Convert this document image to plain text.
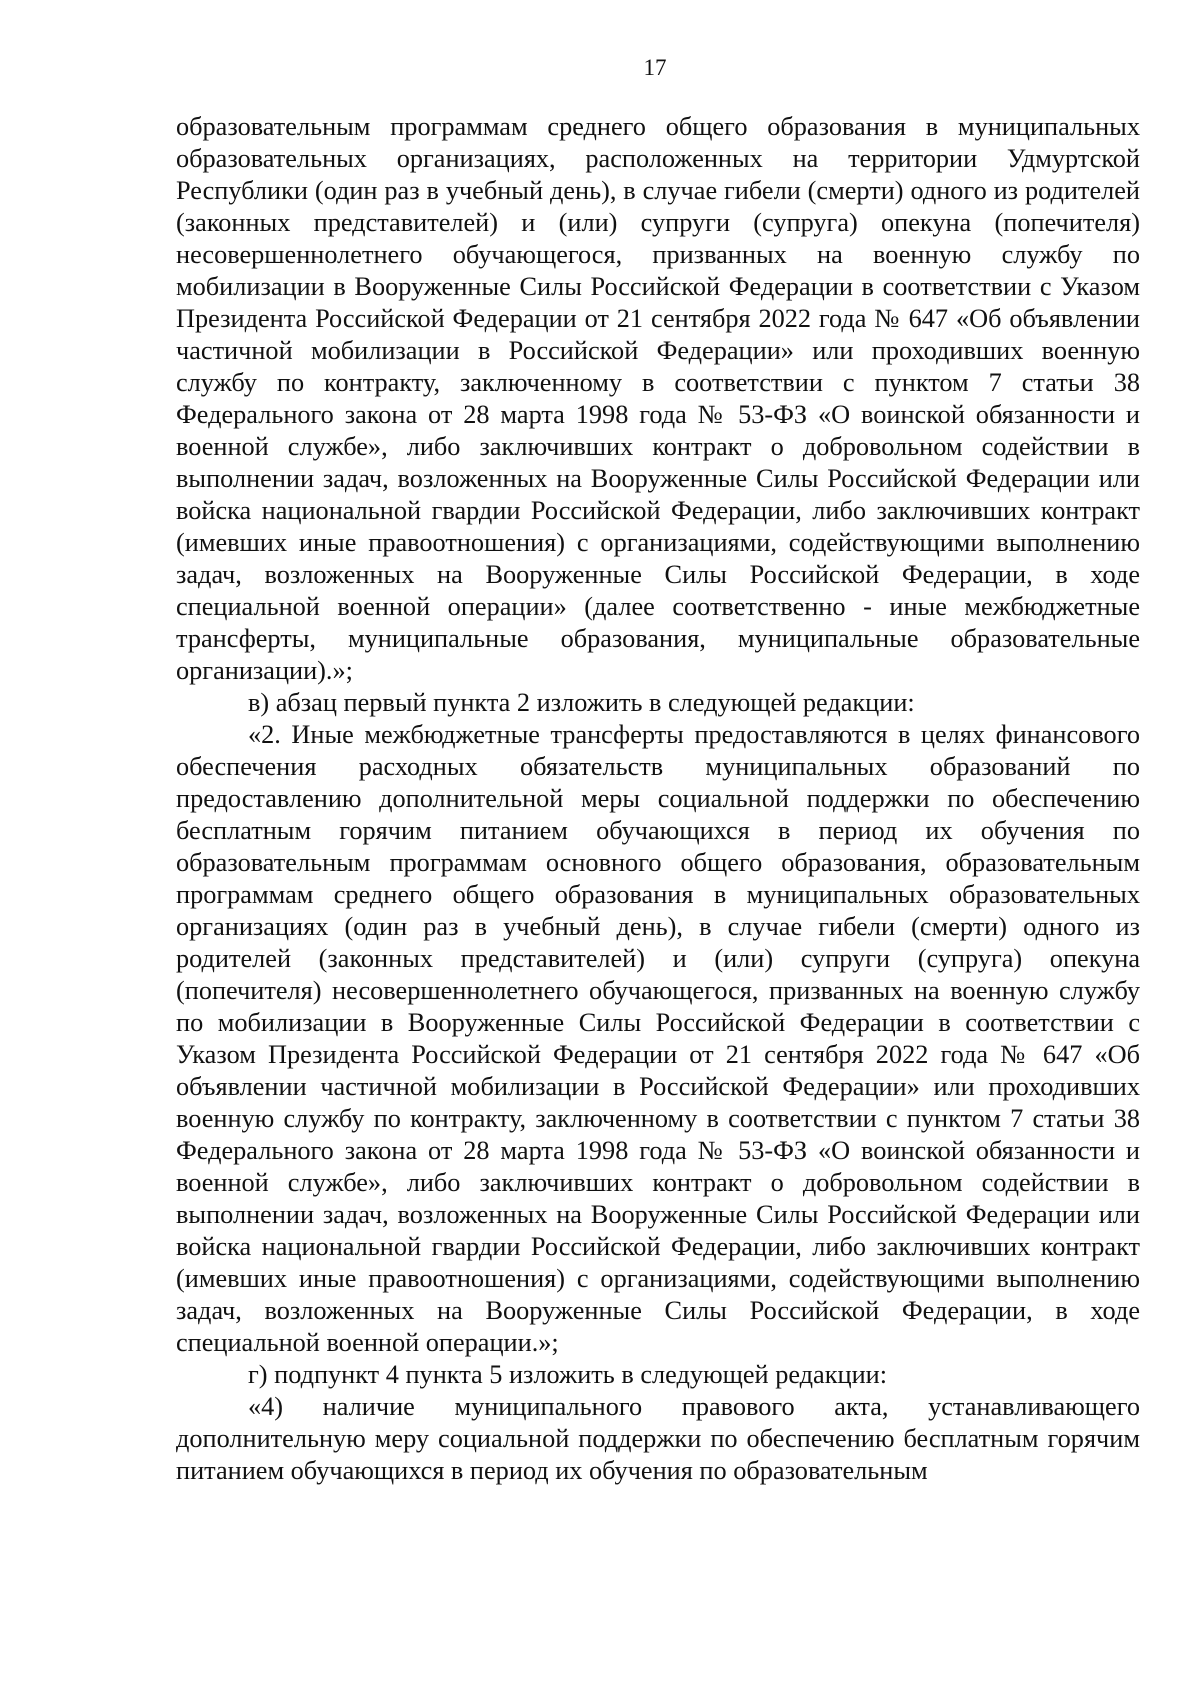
17

образовательным программам среднего общего образования в муниципальных образовательных организациях, расположенных на территории Удмуртской Республики (один раз в учебный день), в случае гибели (смерти) одного из родителей (законных представителей) и (или) супруги (супруга) опекуна (попечителя) несовершеннолетнего обучающегося, призванных на военную службу по мобилизации в Вооруженные Силы Российской Федерации в соответствии с Указом Президента Российской Федерации от 21 сентября 2022 года № 647 «Об объявлении частичной мобилизации в Российской Федерации» или проходивших военную службу по контракту, заключенному в соответствии с пунктом 7 статьи 38 Федерального закона от 28 марта 1998 года № 53-ФЗ «О воинской обязанности и военной службе», либо заключивших контракт о добровольном содействии в выполнении задач, возложенных на Вооруженные Силы Российской Федерации или войска национальной гвардии Российской Федерации, либо заключивших контракт (имевших иные правоотношения) с организациями, содействующими выполнению задач, возложенных на Вооруженные Силы Российской Федерации, в ходе специальной военной операции» (далее соответственно - иные межбюджетные трансферты, муниципальные образования, муниципальные образовательные организации).»;

в) абзац первый пункта 2 изложить в следующей редакции:

«2. Иные межбюджетные трансферты предоставляются в целях финансового обеспечения расходных обязательств муниципальных образований по предоставлению дополнительной меры социальной поддержки по обеспечению бесплатным горячим питанием обучающихся в период их обучения по образовательным программам основного общего образования, образовательным программам среднего общего образования в муниципальных образовательных организациях (один раз в учебный день), в случае гибели (смерти) одного из родителей (законных представителей) и (или) супруги (супруга) опекуна (попечителя) несовершеннолетнего обучающегося, призванных на военную службу по мобилизации в Вооруженные Силы Российской Федерации в соответствии с Указом Президента Российской Федерации от 21 сентября 2022 года № 647 «Об объявлении частичной мобилизации в Российской Федерации» или проходивших военную службу по контракту, заключенному в соответствии с пунктом 7 статьи 38 Федерального закона от 28 марта 1998 года № 53-ФЗ «О воинской обязанности и военной службе», либо заключивших контракт о добровольном содействии в выполнении задач, возложенных на Вооруженные Силы Российской Федерации или войска национальной гвардии Российской Федерации, либо заключивших контракт (имевших иные правоотношения) с организациями, содействующими выполнению задач, возложенных на Вооруженные Силы Российской Федерации, в ходе специальной военной операции.»;

г) подпункт 4 пункта 5 изложить в следующей редакции:

«4) наличие муниципального правового акта, устанавливающего дополнительную меру социальной поддержки по обеспечению бесплатным горячим питанием обучающихся в период их обучения по образовательным
